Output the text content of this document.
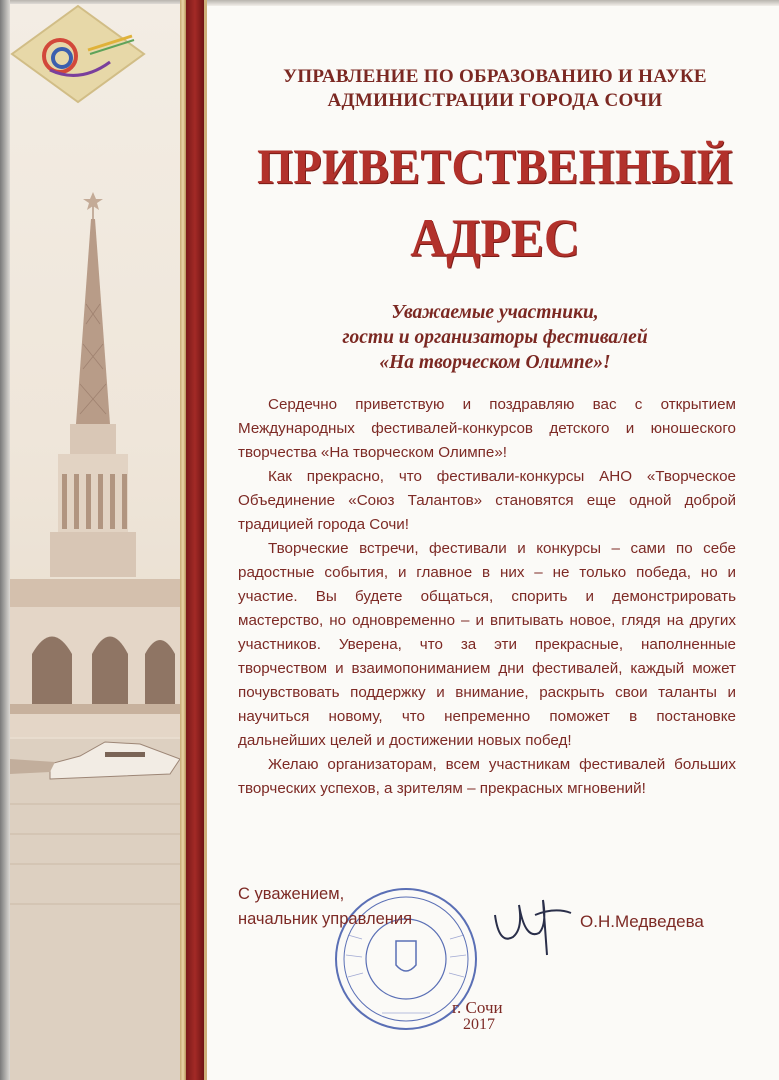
УПРАВЛЕНИЕ ПО ОБРАЗОВАНИЮ И НАУКЕ
АДМИНИСТРАЦИИ ГОРОДА СОЧИ
ПРИВЕТСТВЕННЫЙ
АДРЕС
Уважаемые участники,
гости и организаторы фестивалей
«На творческом Олимпе»!

Сердечно приветствую и поздравляю вас с открытием Международных фестивалей-конкурсов детского и юношеского творчества «На творческом Олимпе»!

Как прекрасно, что фестивали-конкурсы АНО «Творческое Объединение «Союз Талантов» становятся еще одной доброй традицией города Сочи!

Творческие встречи, фестивали и конкурсы – сами по себе радостные события, и главное в них – не только победа, но и участие. Вы будете общаться, спорить и демонстрировать мастерство, но одновременно – и впитывать новое, глядя на других участников. Уверена, что за эти прекрасные, наполненные творчеством и взаимопониманием дни фестивалей, каждый может почувствовать поддержку и внимание, раскрыть свои таланты и научиться новому, что непременно поможет в постановке дальнейших целей и достижении новых побед!

Желаю организаторам, всем участникам фестивалей больших творческих успехов, а зрителям – прекрасных мгновений!

С уважением,
начальник управления	О.Н.Медведева
г. Сочи
2017
